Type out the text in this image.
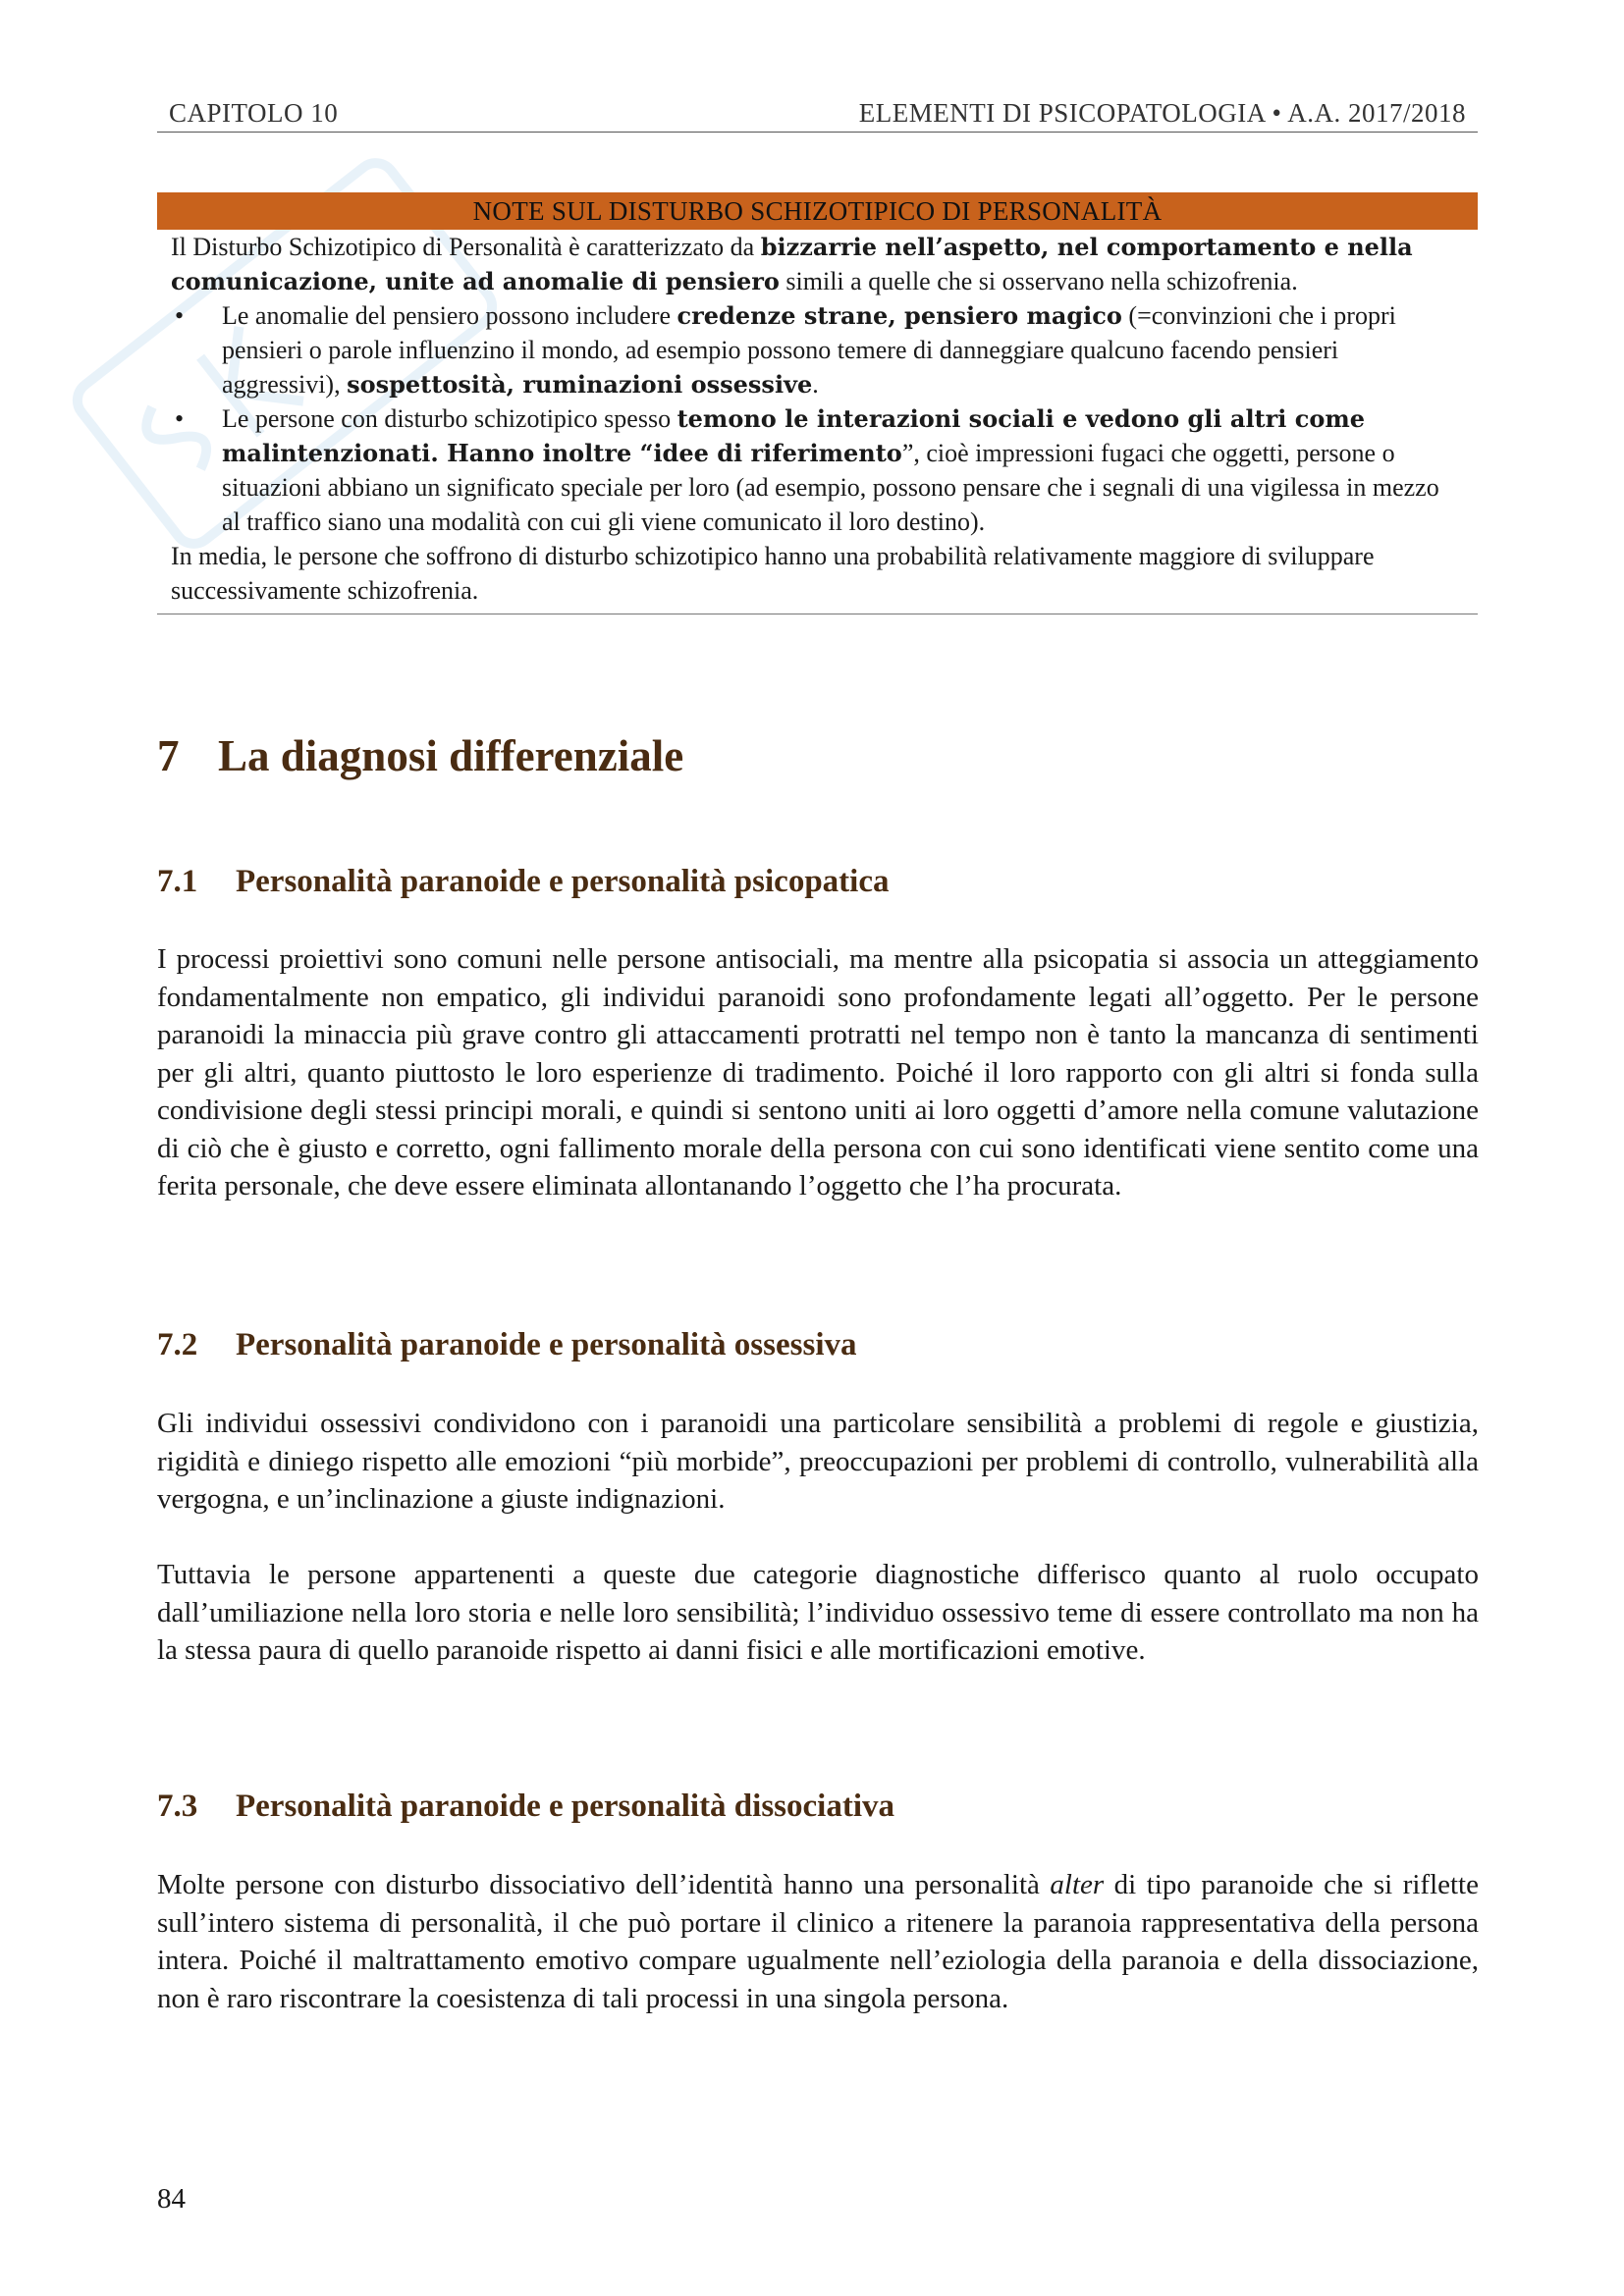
CAPITOLO 10	ELEMENTI DI PSICOPATOLOGIA • A.A. 2017/2018
NOTE SUL DISTURBO SCHIZOTIPICO DI PERSONALITÀ

Il Disturbo Schizotipico di Personalità è caratterizzato da bizzarrie nell’aspetto, nel comportamento e nella comunicazione, unite ad anomalie di pensiero simili a quelle che si osservano nella schizofrenia.

• Le anomalie del pensiero possono includere credenze strane, pensiero magico (=convinzioni che i propri pensieri o parole influenzino il mondo, ad esempio possono temere di danneggiare qualcuno facendo pensieri aggressivi), sospettosità, ruminazioni ossessive.
• Le persone con disturbo schizotipico spesso temono le interazioni sociali e vedono gli altri come malintenzionati. Hanno inoltre “idee di riferimento”, cioè impressioni fugaci che oggetti, persone o situazioni abbiano un significato speciale per loro (ad esempio, possono pensare che i segnali di una vigilessa in mezzo al traffico siano una modalità con cui gli viene comunicato il loro destino).

In media, le persone che soffrono di disturbo schizotipico hanno una probabilità relativamente maggiore di sviluppare successivamente schizofrenia.

7 La diagnosi differenziale
7.1 Personalità paranoide e personalità psicopatica

I processi proiettivi sono comuni nelle persone antisociali, ma mentre alla psicopatia si associa un atteggiamento fondamentalmente non empatico, gli individui paranoidi sono profondamente legati all’oggetto. Per le persone paranoidi la minaccia più grave contro gli attaccamenti protratti nel tempo non è tanto la mancanza di sentimenti per gli altri, quanto piuttosto le loro esperienze di tradimento. Poiché il loro rapporto con gli altri si fonda sulla condivisione degli stessi principi morali, e quindi si sentono uniti ai loro oggetti d’amore nella comune valutazione di ciò che è giusto e corretto, ogni fallimento morale della persona con cui sono identificati viene sentito come una ferita personale, che deve essere eliminata allontanando l’oggetto che l’ha procurata.

7.2 Personalità paranoide e personalità ossessiva

Gli individui ossessivi condividono con i paranoidi una particolare sensibilità a problemi di regole e giustizia, rigidità e diniego rispetto alle emozioni “più morbide”, preoccupazioni per problemi di controllo, vulnerabilità alla vergogna, e un’inclinazione a giuste indignazioni.

Tuttavia le persone appartenenti a queste due categorie diagnostiche differisco quanto al ruolo occupato dall’umiliazione nella loro storia e nelle loro sensibilità; l’individuo ossessivo teme di essere controllato ma non ha la stessa paura di quello paranoide rispetto ai danni fisici e alle mortificazioni emotive.

7.3 Personalità paranoide e personalità dissociativa

Molte persone con disturbo dissociativo dell’identità hanno una personalità alter di tipo paranoide che si riflette sull’intero sistema di personalità, il che può portare il clinico a ritenere la paranoia rappresentativa della persona intera. Poiché il maltrattamento emotivo compare ugualmente nell’eziologia della paranoia e della dissociazione, non è raro riscontrare la coesistenza di tali processi in una singola persona.

84
